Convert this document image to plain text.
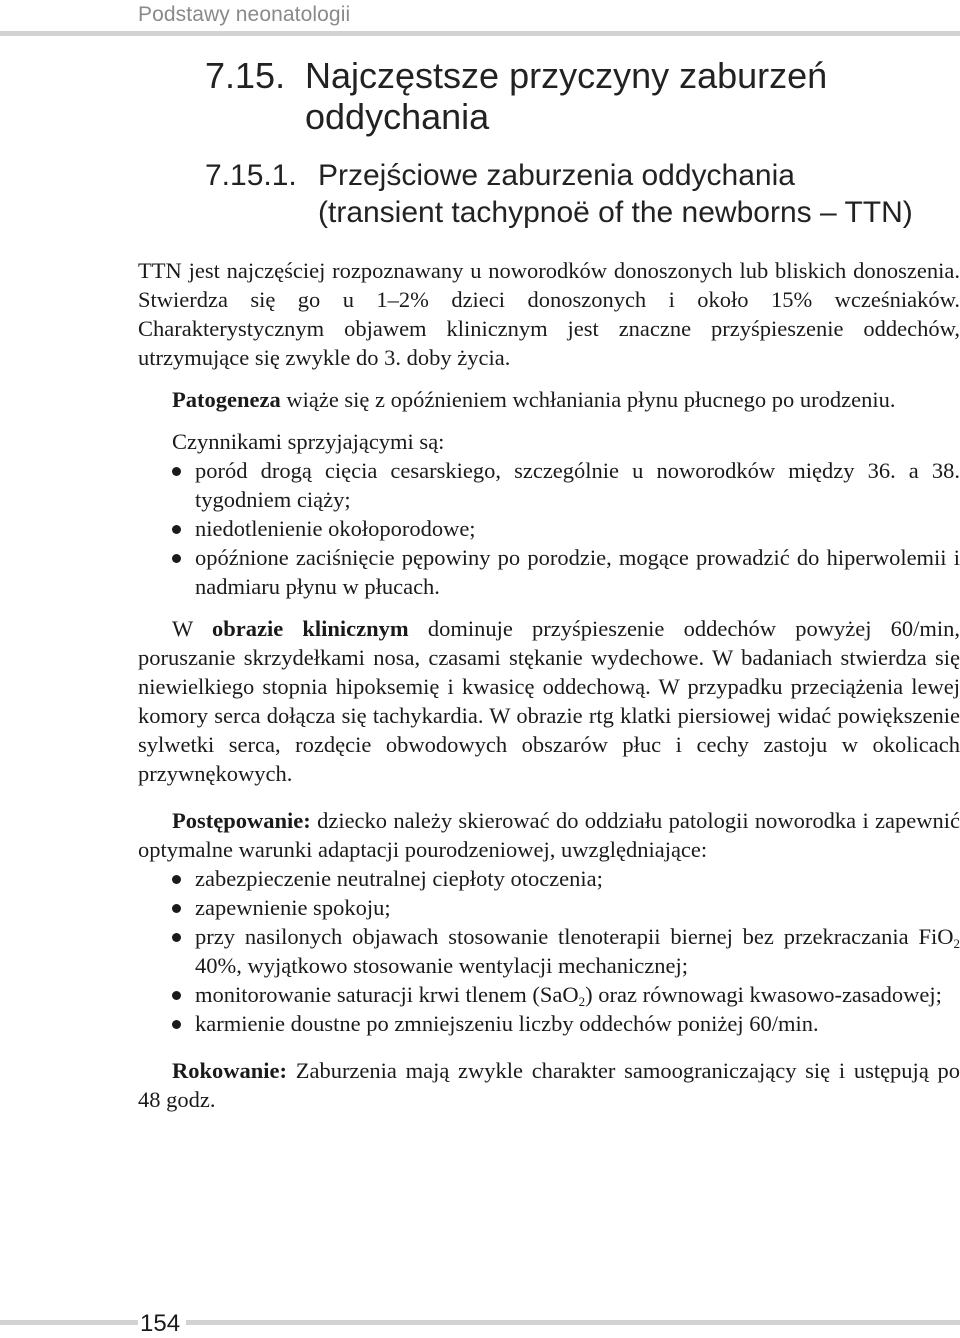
Podstawy neonatologii
7.15. Najczęstsze przyczyny zaburzeń
oddychania
7.15.1. Przejściowe zaburzenia oddychania
(transient tachypnoë of the newborns – TTN)

TTN jest najczęściej rozpoznawany u noworodków donoszonych lub bliskich donoszenia. Stwierdza się go u 1–2% dzieci donoszonych i około 15% wcześniaków. Charakterystycznym objawem klinicznym jest znaczne przyśpieszenie oddechów, utrzymujące się zwykle do 3. doby życia.

Patogeneza wiąże się z opóźnieniem wchłaniania płynu płucnego po urodzeniu.

Czynnikami sprzyjającymi są:

poród drogą cięcia cesarskiego, szczególnie u noworodków między 36. a 38. tygodniem ciąży;
niedotlenienie okołoporodowe;
opóźnione zaciśnięcie pępowiny po porodzie, mogące prowadzić do hiperwolemii i nadmiaru płynu w płucach.

W obrazie klinicznym dominuje przyśpieszenie oddechów powyżej 60/min, poruszanie skrzydełkami nosa, czasami stękanie wydechowe. W badaniach stwierdza się niewielkiego stopnia hipoksemię i kwasicę oddechową. W przypadku przeciążenia lewej komory serca dołącza się tachykardia. W obrazie rtg klatki piersiowej widać powiększenie sylwetki serca, rozdęcie obwodowych obszarów płuc i cechy zastoju w okolicach przywnękowych.

Postępowanie: dziecko należy skierować do oddziału patologii noworodka i zapewnić optymalne warunki adaptacji pourodzeniowej, uwzględniające:

zabezpieczenie neutralnej ciepłoty otoczenia;
zapewnienie spokoju;
przy nasilonych objawach stosowanie tlenoterapii biernej bez przekraczania FiO$_2$ 40%, wyjątkowo stosowanie wentylacji mechanicznej;
monitorowanie saturacji krwi tlenem (SaO$_2$) oraz równowagi kwasowo-zasadowej;
karmienie doustne po zmniejszeniu liczby oddechów poniżej 60/min.

Rokowanie: Zaburzenia mają zwykle charakter samoograniczający się i ustępują po 48 godz.

154
